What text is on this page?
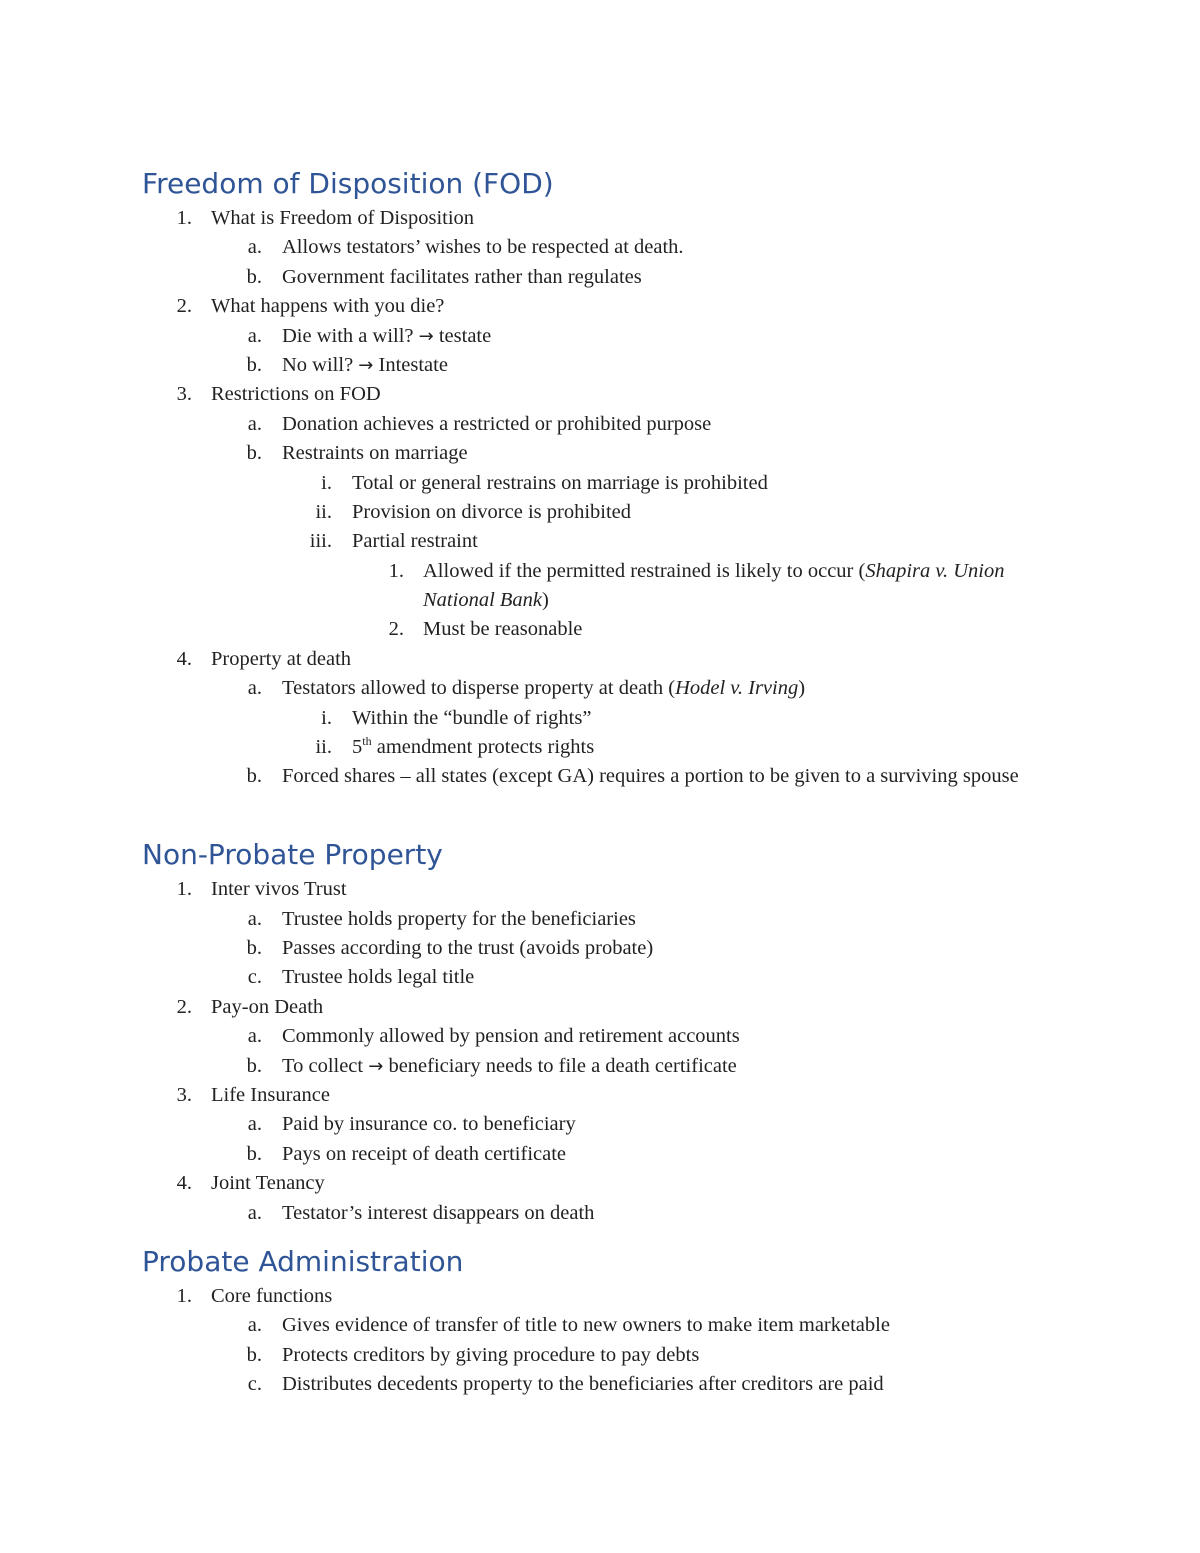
Freedom of Disposition (FOD)
1. What is Freedom of Disposition
a. Allows testators’ wishes to be respected at death.
b. Government facilitates rather than regulates
2. What happens with you die?
a. Die with a will? → testate
b. No will? → Intestate
3. Restrictions on FOD
a. Donation achieves a restricted or prohibited purpose
b. Restraints on marriage
i. Total or general restrains on marriage is prohibited
ii. Provision on divorce is prohibited
iii. Partial restraint
1. Allowed if the permitted restrained is likely to occur (Shapira v. Union National Bank)
2. Must be reasonable
4. Property at death
a. Testators allowed to disperse property at death (Hodel v. Irving)
i. Within the “bundle of rights”
ii. 5th amendment protects rights
b. Forced shares – all states (except GA) requires a portion to be given to a surviving spouse
Non-Probate Property
1. Inter vivos Trust
a. Trustee holds property for the beneficiaries
b. Passes according to the trust (avoids probate)
c. Trustee holds legal title
2. Pay-on Death
a. Commonly allowed by pension and retirement accounts
b. To collect → beneficiary needs to file a death certificate
3. Life Insurance
a. Paid by insurance co. to beneficiary
b. Pays on receipt of death certificate
4. Joint Tenancy
a. Testator’s interest disappears on death
Probate Administration
1. Core functions
a. Gives evidence of transfer of title to new owners to make item marketable
b. Protects creditors by giving procedure to pay debts
c. Distributes decedents property to the beneficiaries after creditors are paid
